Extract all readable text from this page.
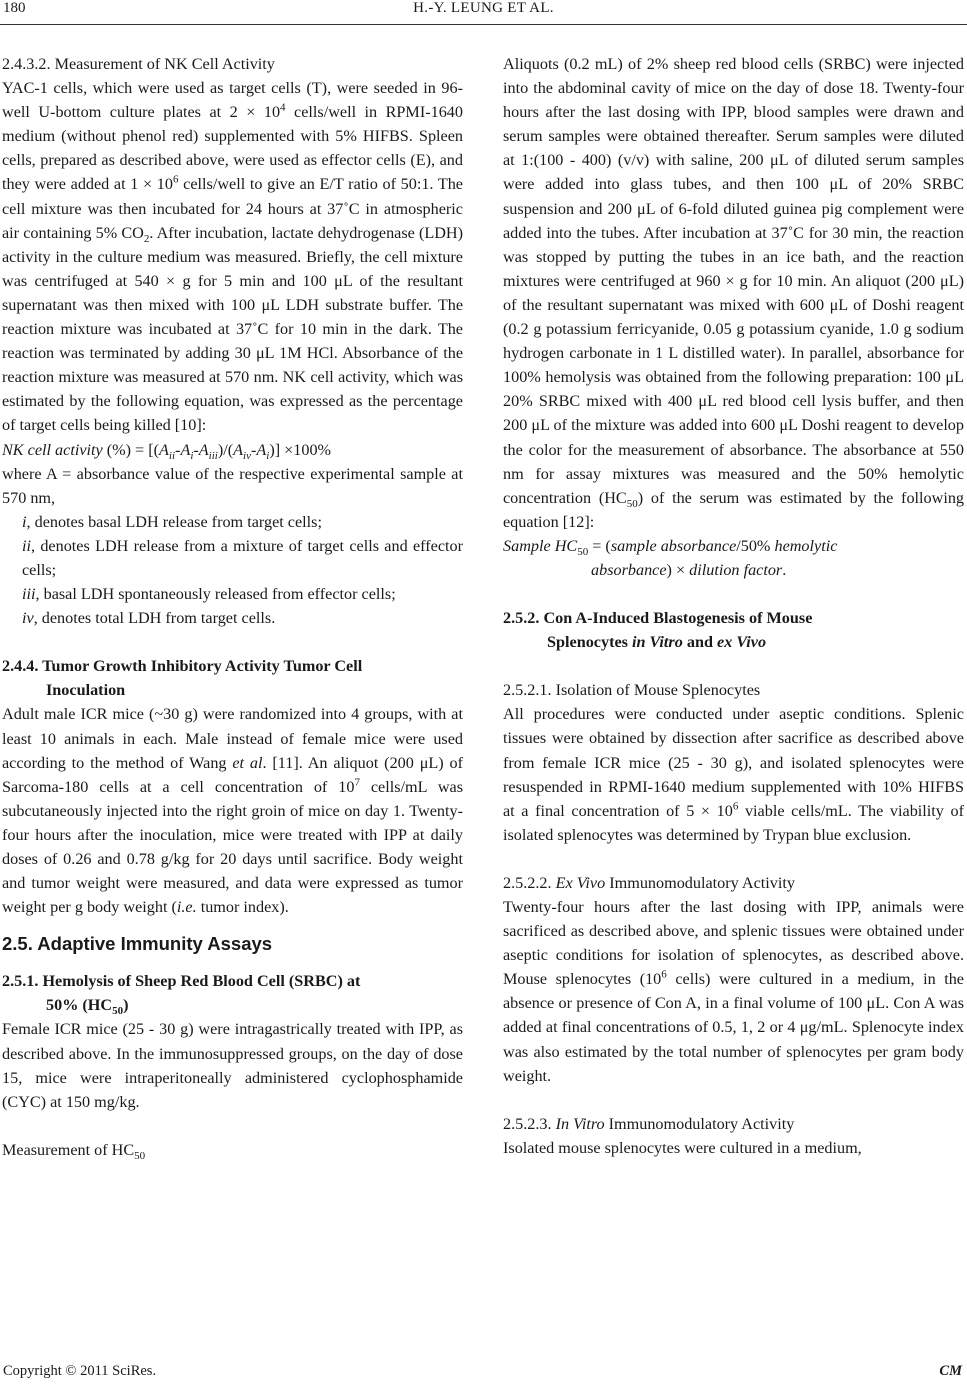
180	H.-Y. LEUNG ET AL.

2.4.3.2. Measurement of NK Cell Activity

YAC-1 cells, which were used as target cells (T), were seeded in 96-well U-bottom culture plates at $2 \times 10^4$ cells/well in RPMI-1640 medium (without phenol red) supplemented with 5% HIFBS. Spleen cells, prepared as described above, were used as effector cells (E), and they were added at $1 \times 10^6$ cells/well to give an E/T ratio of 50:1. The cell mixture was then incubated for 24 hours at 37˚C in atmospheric air containing 5% $CO_2$. After incubation, lactate dehydrogenase (LDH) activity in the culture medium was measured. Briefly, the cell mixture was centrifuged at 540 × g for 5 min and 100 μL of the resultant supernatant was then mixed with 100 μL LDH substrate buffer. The reaction mixture was incubated at 37˚C for 10 min in the dark. The reaction was terminated by adding 30 μL 1M HCl. Absorbance of the reaction mixture was measured at 570 nm. NK cell activity, which was estimated by the following equation, was expressed as the percentage of target cells being killed [10]:

NK cell activity (%) = $[(A_{ii}-A_i-A_{iii})/(A_{iv}-A_i)] \times 100\%$

where A = absorbance value of the respective experimental sample at 570 nm,

i, denotes basal LDH release from target cells;

ii, denotes LDH release from a mixture of target cells and effector cells;

iii, basal LDH spontaneously released from effector cells;

iv, denotes total LDH from target cells.

2.4.4. Tumor Growth Inhibitory Activity Tumor Cell
Inoculation

Adult male ICR mice (~30 g) were randomized into 4 groups, with at least 10 animals in each. Male instead of female mice were used according to the method of Wang et al. [11]. An aliquot (200 μL) of Sarcoma-180 cells at a cell concentration of $10^7$ cells/mL was subcutaneously injected into the right groin of mice on day 1. Twenty-four hours after the inoculation, mice were treated with IPP at daily doses of 0.26 and 0.78 g/kg for 20 days until sacrifice. Body weight and tumor weight were measured, and data were expressed as tumor weight per g body weight (i.e. tumor index).

2.5. Adaptive Immunity Assays

2.5.1. Hemolysis of Sheep Red Blood Cell (SRBC) at
50% $(HC_{50})$

Female ICR mice (25 - 30 g) were intragastrically treated with IPP, as described above. In the immunosuppressed groups, on the day of dose 15, mice were intraperitoneally administered cyclophosphamide (CYC) at 150 mg/kg.

Measurement of $HC_{50}$

Aliquots (0.2 mL) of 2% sheep red blood cells (SRBC) were injected into the abdominal cavity of mice on the day of dose 18. Twenty-four hours after the last dosing with IPP, blood samples were drawn and serum samples were obtained thereafter. Serum samples were diluted at 1:(100 - 400) (v/v) with saline, 200 μL of diluted serum samples were added into glass tubes, and then 100 μL of 20% SRBC suspension and 200 μL of 6-fold diluted guinea pig complement were added into the tubes. After incubation at 37˚C for 30 min, the reaction was stopped by putting the tubes in an ice bath, and the reaction mixtures were centrifuged at 960 × g for 10 min. An aliquot (200 μL) of the resultant supernatant was mixed with 600 μL of Doshi reagent (0.2 g potassium ferricyanide, 0.05 g potassium cyanide, 1.0 g sodium hydrogen carbonate in 1 L distilled water). In parallel, absorbance for 100% hemolysis was obtained from the following preparation: 100 μL 20% SRBC mixed with 400 μL red blood cell lysis buffer, and then 200 μL of the mixture was added into 600 μL Doshi reagent to develop the color for the measurement of absorbance. The absorbance at 550 nm for assay mixtures was measured and the 50% hemolytic concentration $(HC_{50})$ of the serum was estimated by the following equation [12]:

Sample $HC_{50}$ = (sample absorbance/50% hemolytic

absorbance) × dilution factor.

2.5.2. Con A-Induced Blastogenesis of Mouse
Splenocytes in Vitro and ex Vivo

2.5.2.1. Isolation of Mouse Splenocytes

All procedures were conducted under aseptic conditions. Splenic tissues were obtained by dissection after sacrifice as described above from female ICR mice (25 - 30 g), and isolated splenocytes were resuspended in RPMI-1640 medium supplemented with 10% HIFBS at a final concentration of $5 \times 10^6$ viable cells/mL. The viability of isolated splenocytes was determined by Trypan blue exclusion.

2.5.2.2. Ex Vivo Immunomodulatory Activity

Twenty-four hours after the last dosing with IPP, animals were sacrificed as described above, and splenic tissues were obtained under aseptic conditions for isolation of splenocytes, as described above. Mouse splenocytes ($10^6$ cells) were cultured in a medium, in the absence or presence of Con A, in a final volume of 100 μL. Con A was added at final concentrations of 0.5, 1, 2 or 4 μg/mL. Splenocyte index was also estimated by the total number of splenocytes per gram body weight.

2.5.2.3. In Vitro Immunomodulatory Activity

Isolated mouse splenocytes were cultured in a medium,

Copyright © 2011 SciRes.	CM
